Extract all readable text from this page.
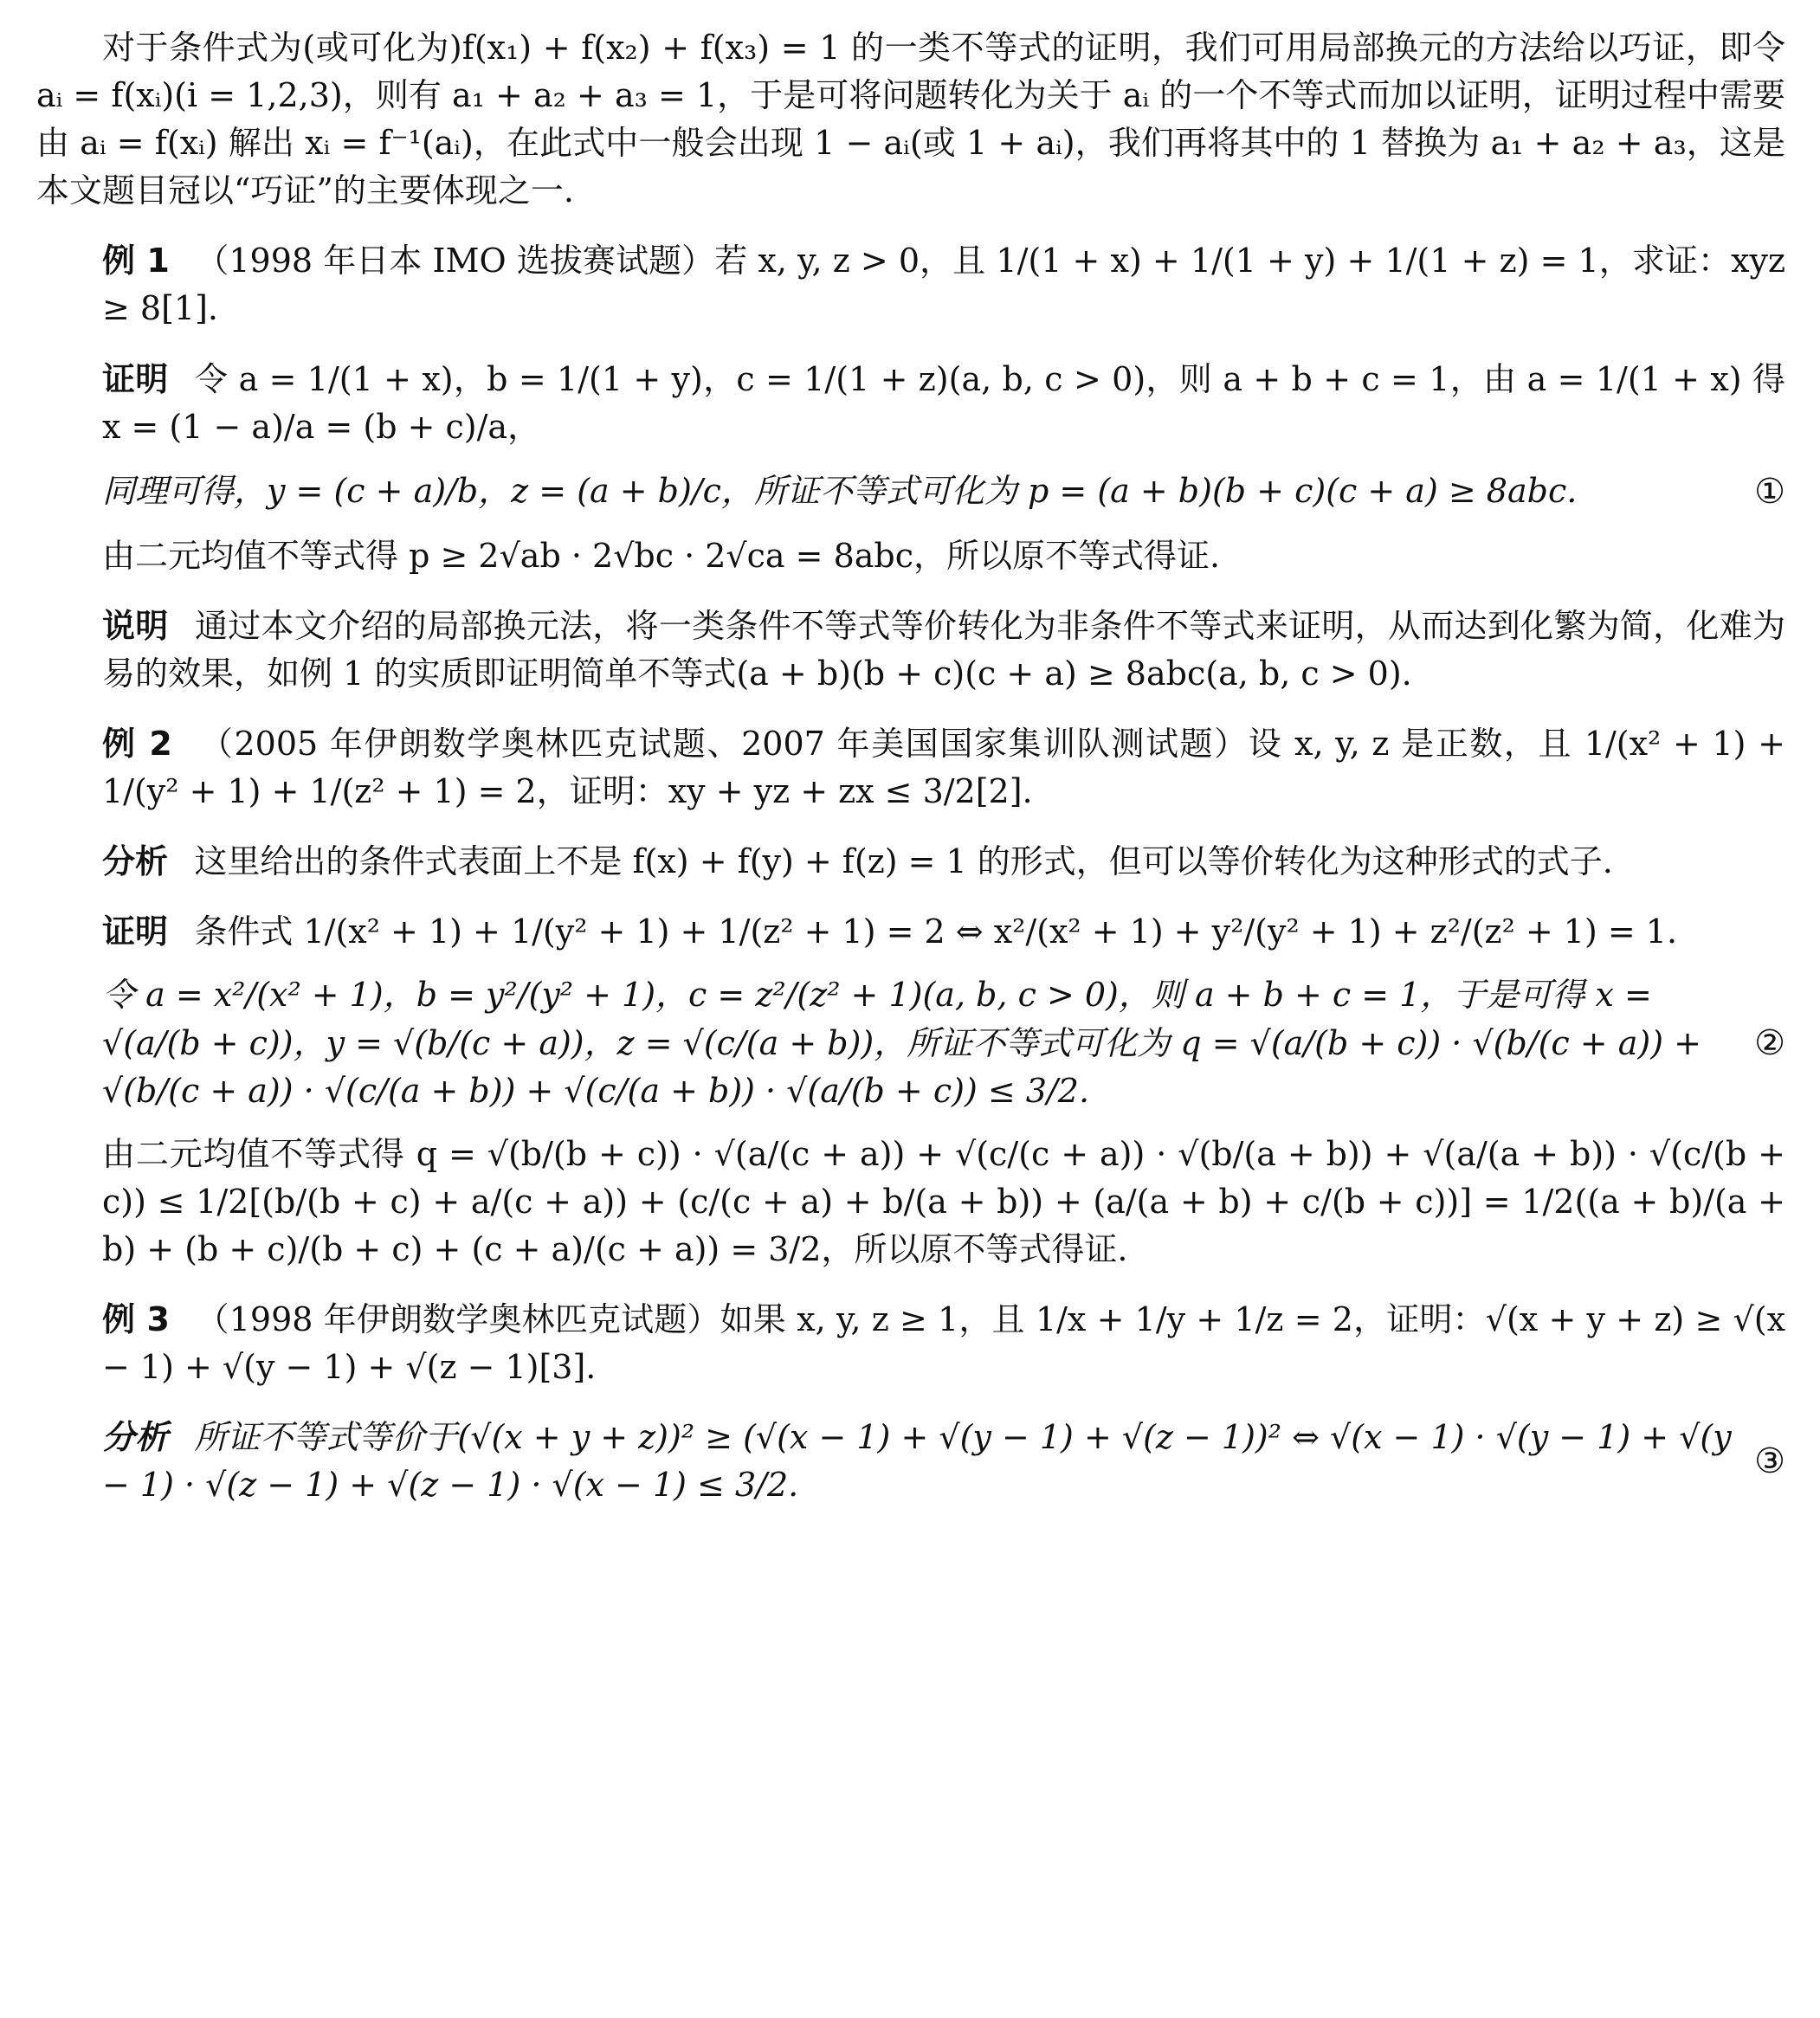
对于条件式为(或可化为)f(x₁) + f(x₂) + f(x₃) = 1 的一类不等式的证明，我们可用局部换元的方法给以巧证，即令 aᵢ = f(xᵢ)(i = 1,2,3)，则有 a₁ + a₂ + a₃ = 1，于是可将问题转化为关于 aᵢ 的一个不等式而加以证明，证明过程中需要由 aᵢ = f(xᵢ) 解出 xᵢ = f⁻¹(aᵢ)，在此式中一般会出现 1 − aᵢ(或 1 + aᵢ)，我们再将其中的 1 替换为 a₁ + a₂ + a₃，这是本文题目冠以“巧证”的主要体现之一.

例 1 （1998 年日本 IMO 选拔赛试题）若 x, y, z > 0，且 1/(1 + x) + 1/(1 + y) + 1/(1 + z) = 1，求证：xyz ≥ 8[1].

证明 令 a = 1/(1 + x)，b = 1/(1 + y)，c = 1/(1 + z)(a, b, c > 0)，则 a + b + c = 1，由 a = 1/(1 + x) 得 x = (1 − a)/a = (b + c)/a，

同理可得，y = (c + a)/b，z = (a + b)/c，所证不等式可化为 p = (a + b)(b + c)(c + a) ≥ 8abc.	①

由二元均值不等式得 p ≥ 2√ab · 2√bc · 2√ca = 8abc，所以原不等式得证.

说明 通过本文介绍的局部换元法，将一类条件不等式等价转化为非条件不等式来证明，从而达到化繁为简，化难为易的效果，如例 1 的实质即证明简单不等式(a + b)(b + c)(c + a) ≥ 8abc(a, b, c > 0).

例 2 （2005 年伊朗数学奥林匹克试题、2007 年美国国家集训队测试题）设 x, y, z 是正数，且 1/(x² + 1) + 1/(y² + 1) + 1/(z² + 1) = 2，证明：xy + yz + zx ≤ 3/2[2].

分析 这里给出的条件式表面上不是 f(x) + f(y) + f(z) = 1 的形式，但可以等价转化为这种形式的式子.

证明 条件式 1/(x² + 1) + 1/(y² + 1) + 1/(z² + 1) = 2 ⇔ x²/(x² + 1) + y²/(y² + 1) + z²/(z² + 1) = 1.

令 a = x²/(x² + 1)，b = y²/(y² + 1)，c = z²/(z² + 1)(a, b, c > 0)，则 a + b + c = 1，于是可得 x = √(a/(b + c))，y = √(b/(c + a))，z = √(c/(a + b))，所证不等式可化为 q = √(a/(b + c)) · √(b/(c + a)) + √(b/(c + a)) · √(c/(a + b)) + √(c/(a + b)) · √(a/(b + c)) ≤ 3/2.
②

由二元均值不等式得 q = √(b/(b + c)) · √(a/(c + a)) + √(c/(c + a)) · √(b/(a + b)) + √(a/(a + b)) · √(c/(b + c)) ≤ 1/2[(b/(b + c) + a/(c + a)) + (c/(c + a) + b/(a + b)) + (a/(a + b) + c/(b + c))] = 1/2((a + b)/(a + b) + (b + c)/(b + c) + (c + a)/(c + a)) = 3/2，所以原不等式得证.

例 3 （1998 年伊朗数学奥林匹克试题）如果 x, y, z ≥ 1，且 1/x + 1/y + 1/z = 2，证明：√(x + y + z) ≥ √(x − 1) + √(y − 1) + √(z − 1)[3].

分析 所证不等式等价于(√(x + y + z))² ≥ (√(x − 1) + √(y − 1) + √(z − 1))² ⇔ √(x − 1) · √(y − 1) + √(y − 1) · √(z − 1) + √(z − 1) · √(x − 1) ≤ 3/2.
③
